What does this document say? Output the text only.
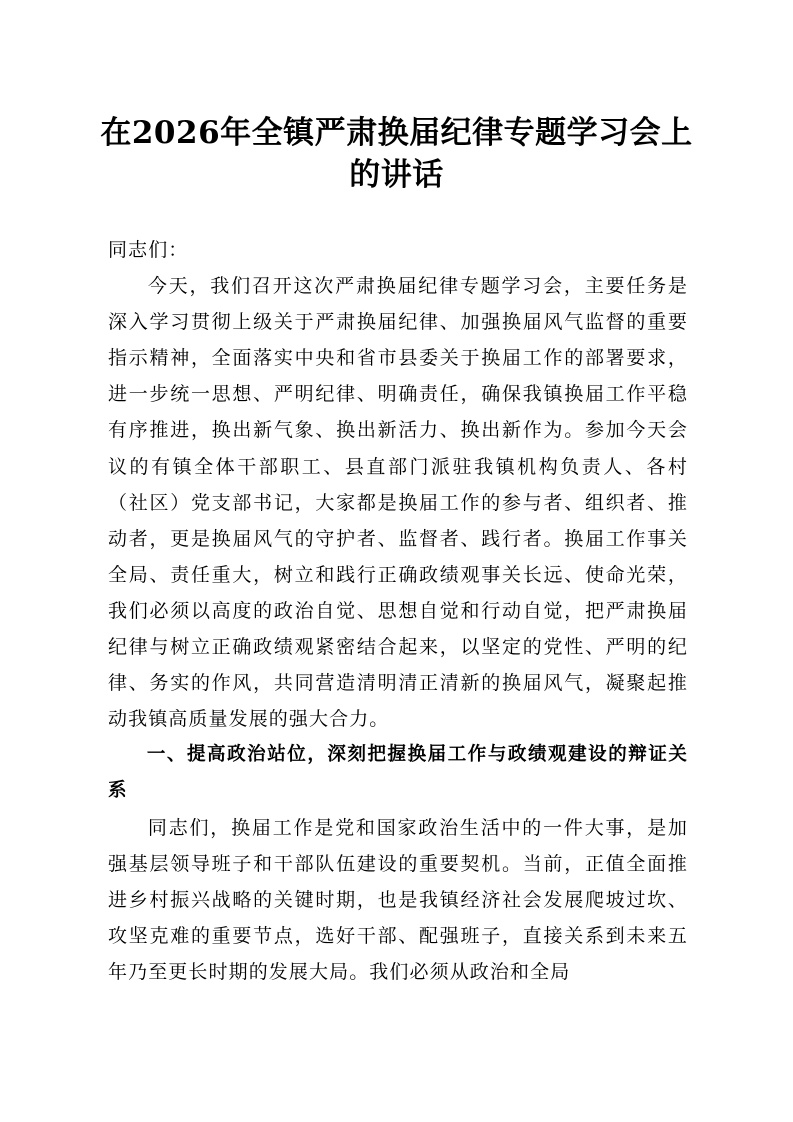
在2026年全镇严肃换届纪律专题学习会上的讲话

同志们：

今天，我们召开这次严肃换届纪律专题学习会，主要任务是深入学习贯彻上级关于严肃换届纪律、加强换届风气监督的重要指示精神，全面落实中央和省市县委关于换届工作的部署要求，进一步统一思想、严明纪律、明确责任，确保我镇换届工作平稳有序推进，换出新气象、换出新活力、换出新作为。参加今天会议的有镇全体干部职工、县直部门派驻我镇机构负责人、各村（社区）党支部书记，大家都是换届工作的参与者、组织者、推动者，更是换届风气的守护者、监督者、践行者。换届工作事关全局、责任重大，树立和践行正确政绩观事关长远、使命光荣，我们必须以高度的政治自觉、思想自觉和行动自觉，把严肃换届纪律与树立正确政绩观紧密结合起来，以坚定的党性、严明的纪律、务实的作风，共同营造清明清正清新的换届风气，凝聚起推动我镇高质量发展的强大合力。

一、提高政治站位，深刻把握换届工作与政绩观建设的辩证关系

同志们，换届工作是党和国家政治生活中的一件大事，是加强基层领导班子和干部队伍建设的重要契机。当前，正值全面推进乡村振兴战略的关键时期，也是我镇经济社会发展爬坡过坎、攻坚克难的重要节点，选好干部、配强班子，直接关系到未来五年乃至更长时期的发展大局。我们必须从政治和全局
